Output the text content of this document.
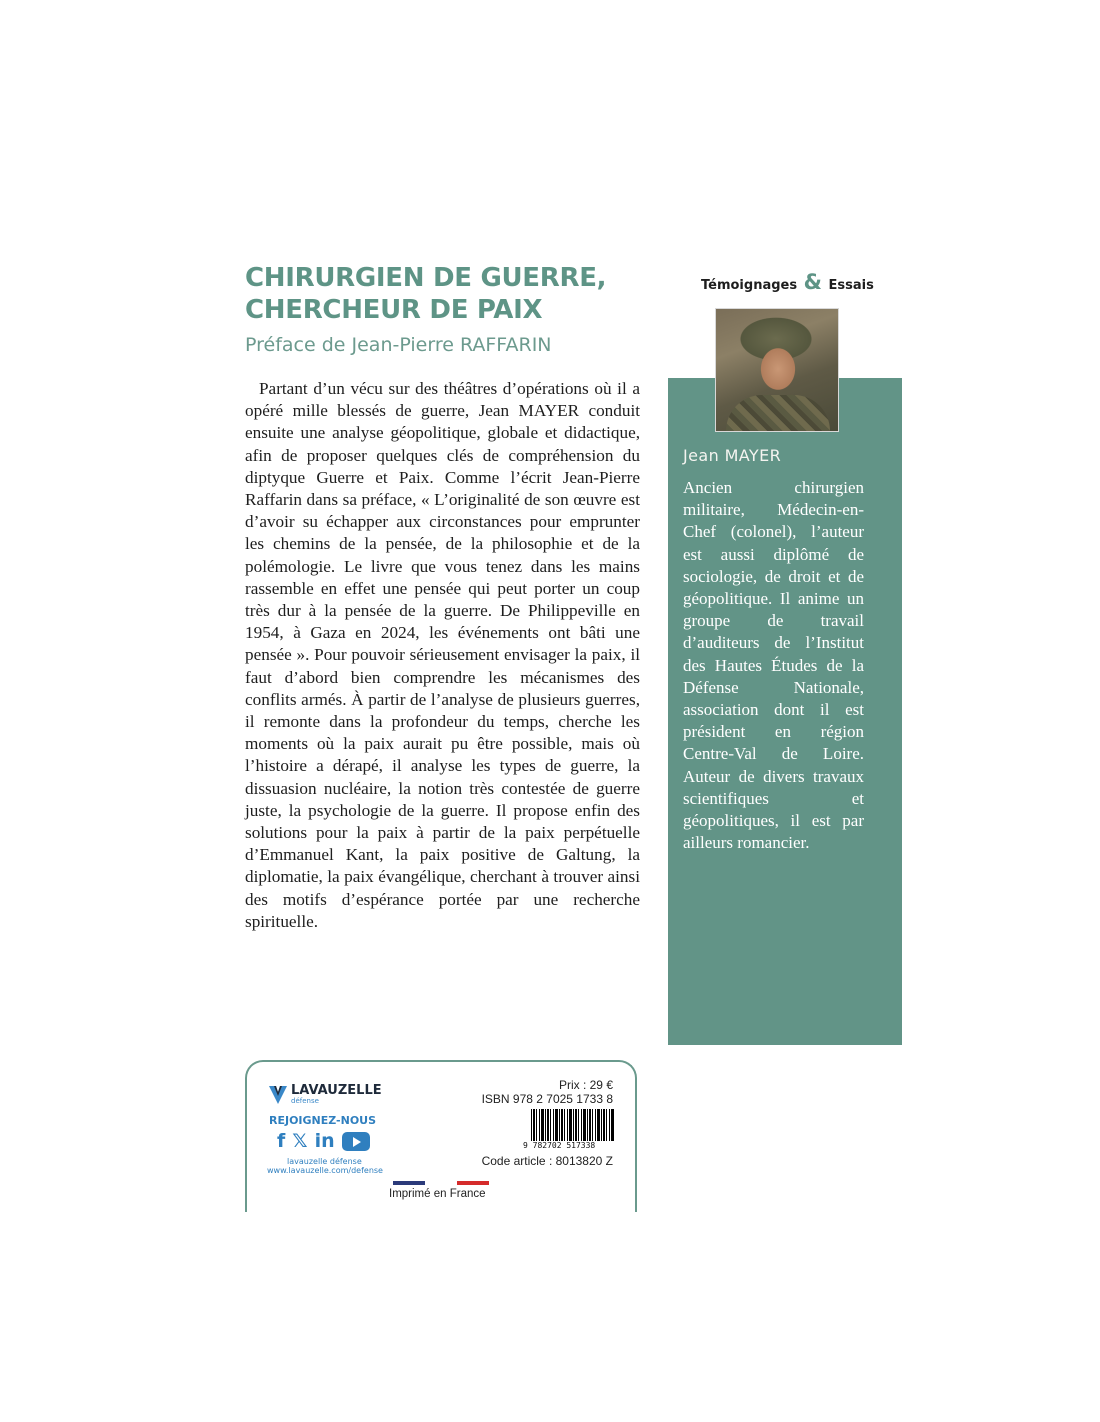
CHIRURGIEN DE GUERRE,
CHERCHEUR DE PAIX

Préface de Jean-Pierre RAFFARIN

Partant d’un vécu sur des théâtres d’opérations où il a opéré mille blessés de guerre, Jean MAYER conduit ensuite une analyse géopolitique, globale et didactique, afin de proposer quelques clés de compréhension du diptyque Guerre et Paix. Comme l’écrit Jean-Pierre Raffarin dans sa préface, « L’originalité de son œuvre est d’avoir su échapper aux circonstances pour emprunter les chemins de la pensée, de la philosophie et de la polémologie. Le livre que vous tenez dans les mains rassemble en effet une pensée qui peut porter un coup très dur à la pensée de la guerre. De Philippeville en 1954, à Gaza en 2024, les événements ont bâti une pensée ». Pour pouvoir sérieusement envisager la paix, il faut d’abord bien comprendre les mécanismes des conflits armés. À partir de l’analyse de plusieurs guerres, il remonte dans la profondeur du temps, cherche les moments où la paix aurait pu être possible, mais où l’histoire a dérapé, il analyse les types de guerre, la dissuasion nucléaire, la notion très contestée de guerre juste, la psychologie de la guerre. Il propose enfin des solutions pour la paix à partir de la paix perpétuelle d’Emmanuel Kant, la paix positive de Galtung, la diplomatie, la paix évangélique, cherchant à trouver ainsi des motifs d’espérance portée par une recherche spirituelle.

Témoignages & Essais
Jean MAYER

Ancien chirurgien militaire, Médecin-en-Chef (colonel), l’auteur est aussi diplômé de sociologie, de droit et de géopolitique. Il anime un groupe de travail d’auditeurs de l’Institut des Hautes Études de la Défense Nationale, association dont il est président en région Centre-Val de Loire. Auteur de divers travaux scientifiques et géopolitiques, il est par ailleurs romancier.

LAVAUZELLE
défense
REJOIGNEZ-NOUS
f 𝕏 in
lavauzelle défense
www.lavauzelle.com/defense
Prix : 29 €
ISBN 978 2 7025 1733 8
9 782702 517338
Code article : 8013820 Z
Imprimé en France
